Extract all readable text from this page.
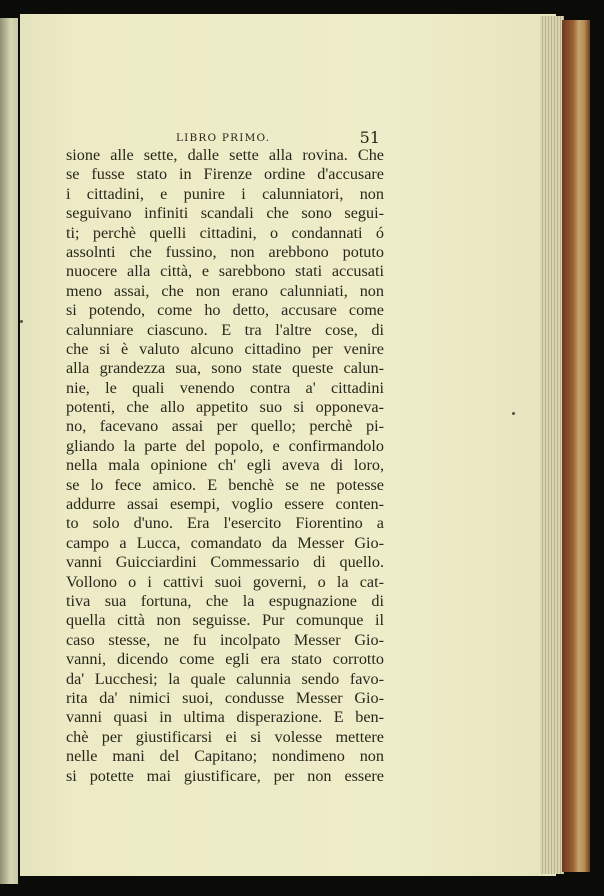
LIBRO PRIMO.	51
sione alle sette, dalle sette alla rovina. Che
se fusse stato in Firenze ordine d'accusare
i cittadini, e punire i calunniatori, non
seguivano infiniti scandali che sono segui-
ti; perchè quelli cittadini, o condannati ó
assolnti che fussino, non arebbono potuto
nuocere alla città, e sarebbono stati accusati
meno assai, che non erano calunniati, non
si potendo, come ho detto, accusare come
calunniare ciascuno. E tra l'altre cose, di
che si è valuto alcuno cittadino per venire
alla grandezza sua, sono state queste calun-
nie, le quali venendo contra a' cittadini
potenti, che allo appetito suo si opponeva-
no, facevano assai per quello; perchè pi-
gliando la parte del popolo, e confirmandolo
nella mala opinione ch' egli aveva di loro,
se lo fece amico. E benchè se ne potesse
addurre assai esempi, voglio essere conten-
to solo d'uno. Era l'esercito Fiorentino a
campo a Lucca, comandato da Messer Gio-
vanni Guicciardini Commessario di quello.
Vollono o i cattivi suoi governi, o la cat-
tiva sua fortuna, che la espugnazione di
quella città non seguisse. Pur comunque il
caso stesse, ne fu incolpato Messer Gio-
vanni, dicendo come egli era stato corrotto
da' Lucchesi; la quale calunnia sendo favo-
rita da' nimici suoi, condusse Messer Gio-
vanni quasi in ultima disperazione. E ben-
chè per giustificarsi ei si volesse mettere
nelle mani del Capitano; nondimeno non
si potette mai giustificare, per non essere
